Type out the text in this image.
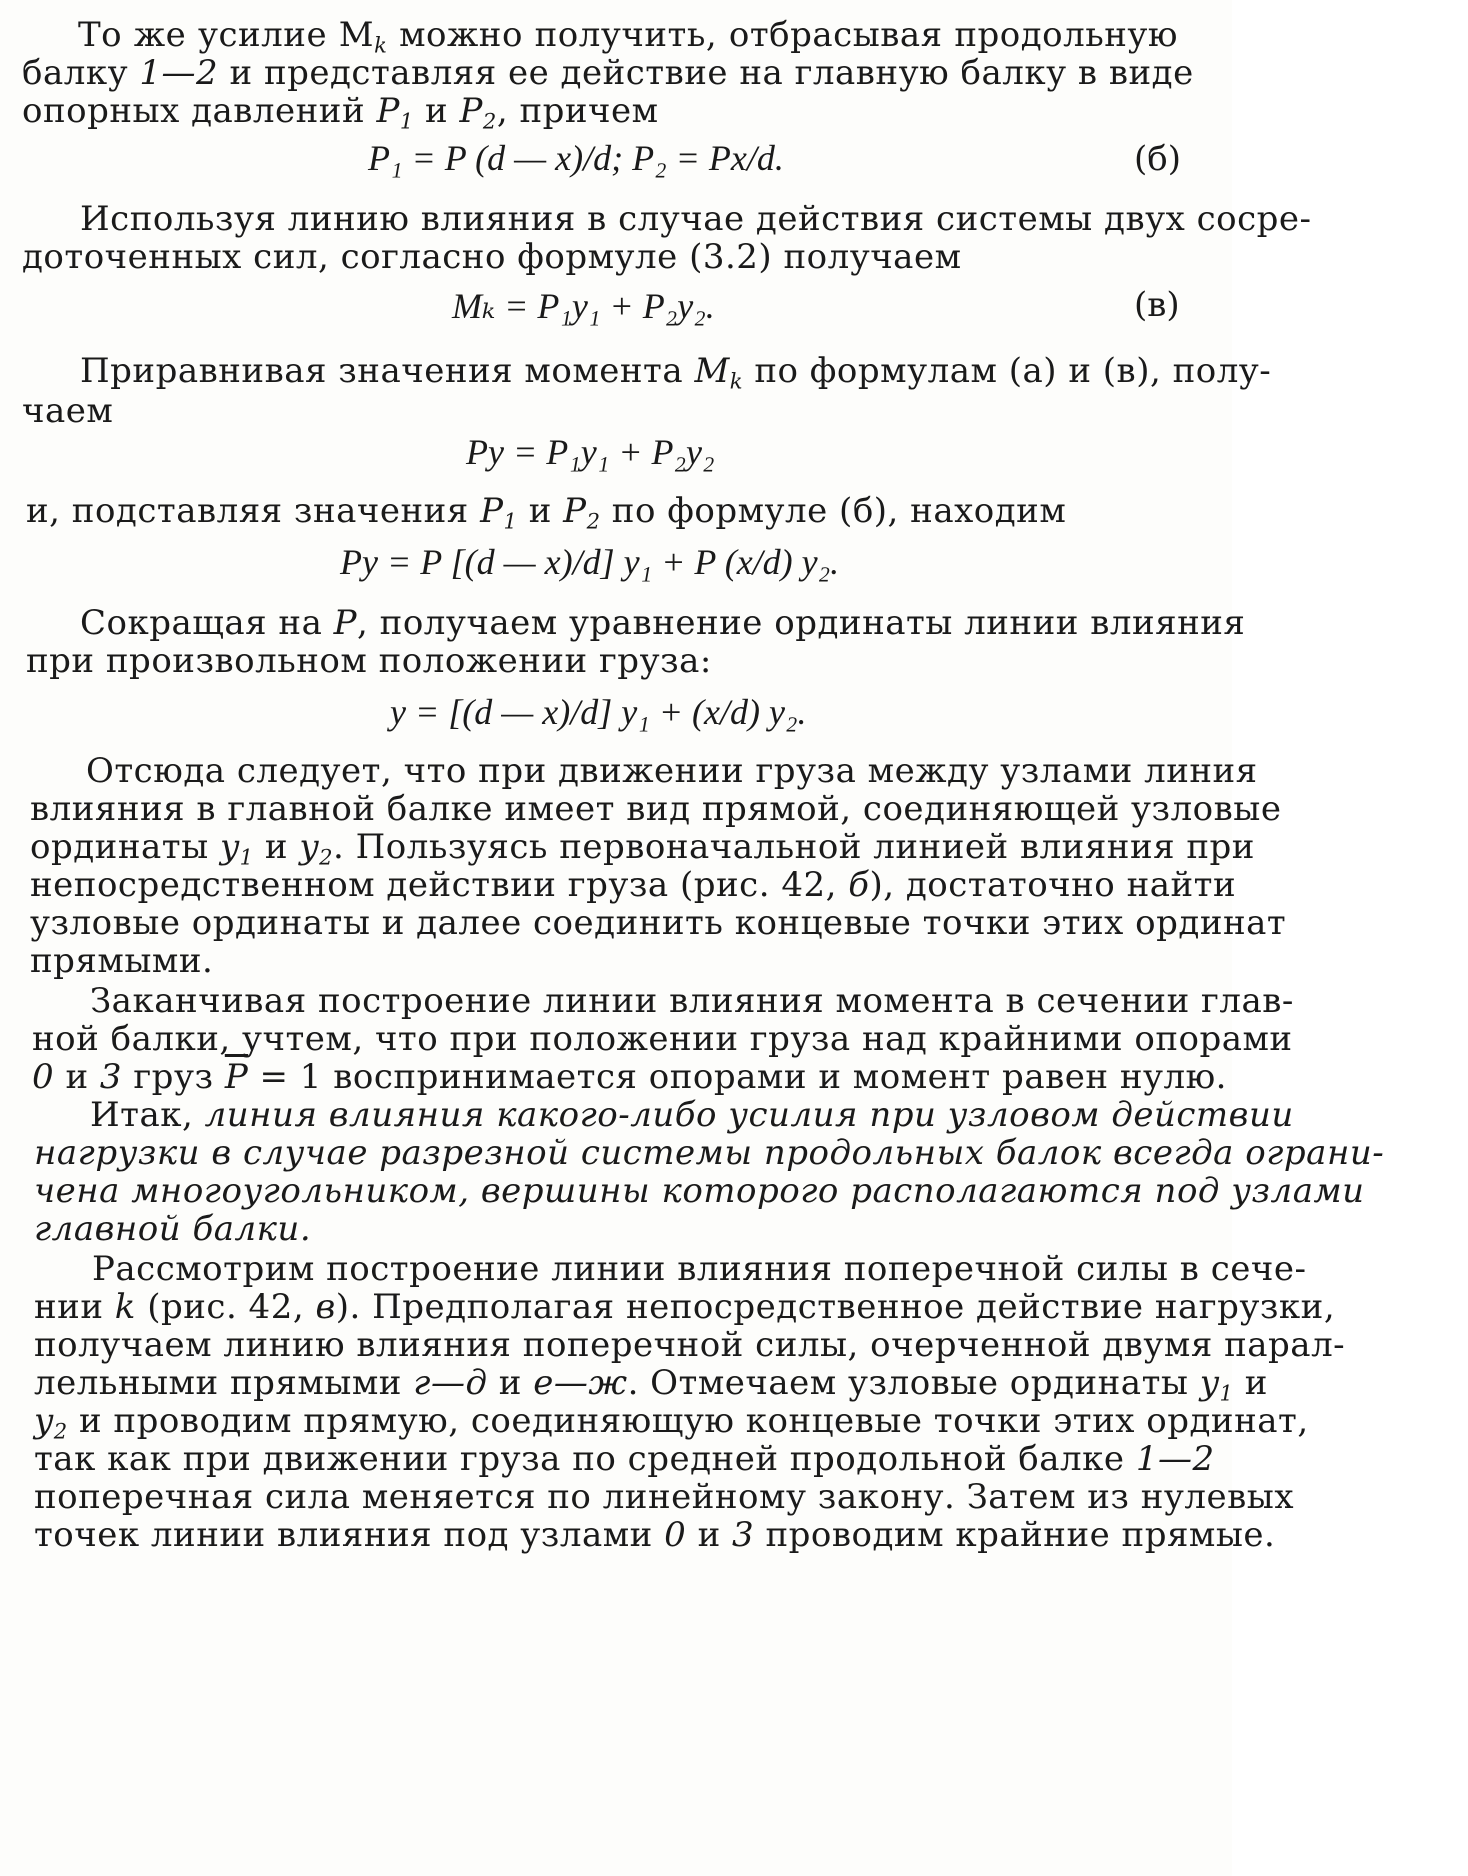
То же усилие $M_k$ можно получить, отбрасывая продольную
балку 1—2 и представляя ее действие на главную балку в виде
опорных давлений $P_1$ и $P_2$, причем
P₁ = P (d — x)/d; P₂ = Px/d.	(б)
Используя линию влияния в случае действия системы двух сосре-
доточенных сил, согласно формуле (3.2) получаем
Mₖ = P₁y₁ + P₂y₂.	(в)
Приравнивая значения момента $M_k$ по формулам (а) и (в), полу-
чаем
Py = P₁y₁ + P₂y₂
и, подставляя значения $P_1$ и $P_2$ по формуле (б), находим
Py = P [(d — x)/d] y₁ + P (x/d) y₂.
Сокращая на P, получаем уравнение ординаты линии влияния
при произвольном положении груза:
y = [(d — x)/d] y₁ + (x/d) y₂.
Отсюда следует, что при движении груза между узлами линия
влияния в главной балке имеет вид прямой, соединяющей узловые
ординаты $y_1$ и $y_2$. Пользуясь первоначальной линией влияния при
непосредственном действии груза (рис. 42, б), достаточно найти
узловые ординаты и далее соединить концевые точки этих ординат
прямыми.
Заканчивая построение линии влияния момента в сечении глав-
ной балки, учтем, что при положении груза над крайними опорами
0 и 3 груз $\overline{P} = 1$ воспринимается опорами и момент равен нулю.
Итак, линия влияния какого-либо усилия при узловом действии
нагрузки в случае разрезной системы продольных балок всегда ограни-
чена многоугольником, вершины которого располагаются под узлами
главной балки.
Рассмотрим построение линии влияния поперечной силы в сече-
нии k (рис. 42, в). Предполагая непосредственное действие нагрузки,
получаем линию влияния поперечной силы, очерченной двумя парал-
лельными прямыми г—д и е—ж. Отмечаем узловые ординаты $y_1$ и
$y_2$ и проводим прямую, соединяющую концевые точки этих ординат,
так как при движении груза по средней продольной балке 1—2
поперечная сила меняется по линейному закону. Затем из нулевых
точек линии влияния под узлами 0 и 3 проводим крайние прямые.
